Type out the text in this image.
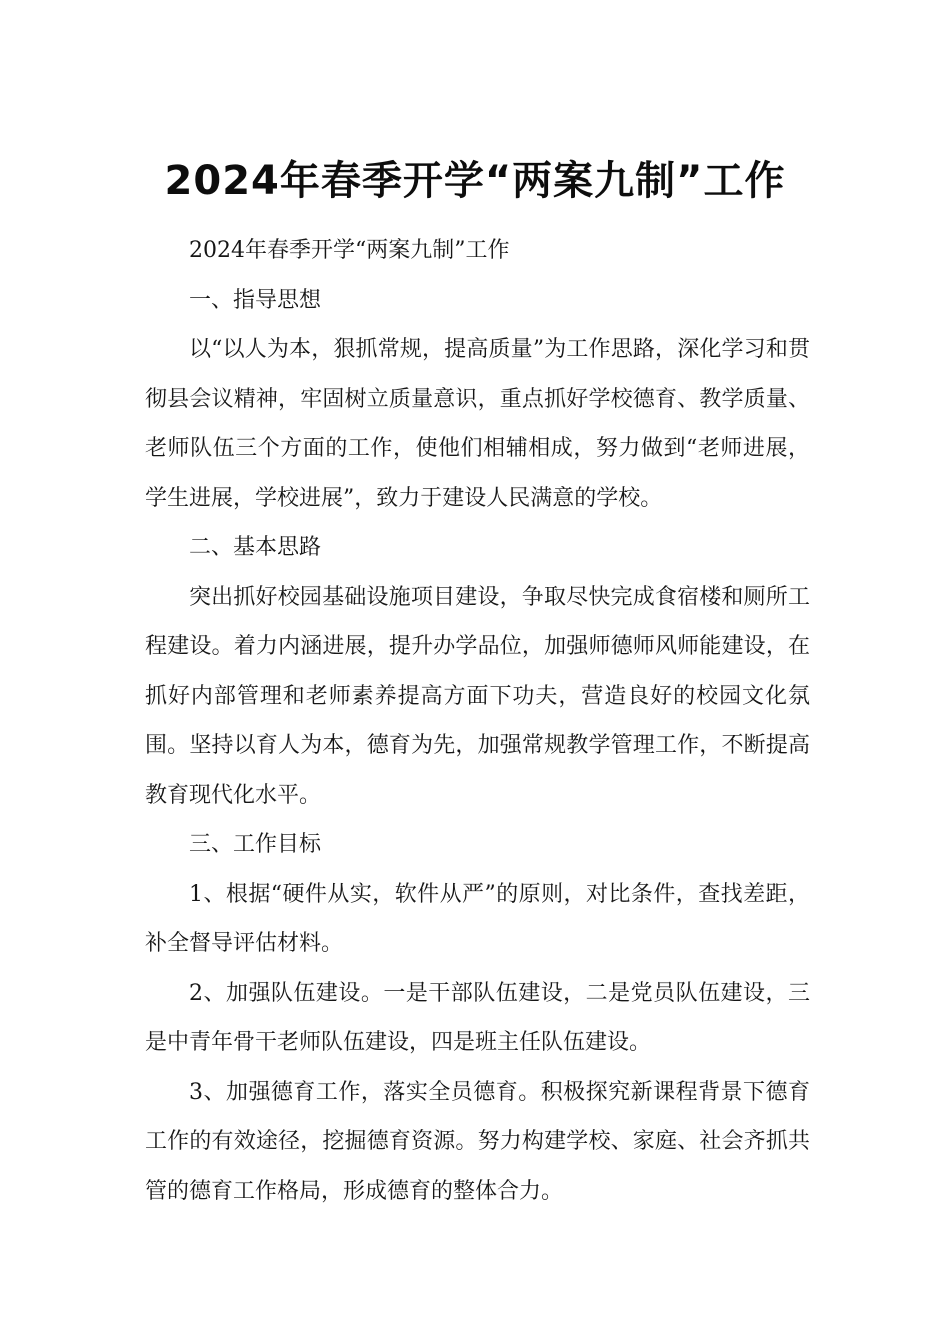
2024年春季开学“两案九制”工作

2024年春季开学“两案九制”工作

一、指导思想

以“以人为本，狠抓常规，提高质量”为工作思路，深化学习和贯彻县会议精神，牢固树立质量意识，重点抓好学校德育、教学质量、老师队伍三个方面的工作，使他们相辅相成，努力做到“老师进展，学生进展，学校进展”，致力于建设人民满意的学校。

二、基本思路

突出抓好校园基础设施项目建设，争取尽快完成食宿楼和厕所工程建设。着力内涵进展，提升办学品位，加强师德师风师能建设，在抓好内部管理和老师素养提高方面下功夫，营造良好的校园文化氛围。坚持以育人为本，德育为先，加强常规教学管理工作，不断提高教育现代化水平。

三、工作目标

1、根据“硬件从实，软件从严”的原则，对比条件，查找差距，补全督导评估材料。

2、加强队伍建设。一是干部队伍建设，二是党员队伍建设，三是中青年骨干老师队伍建设，四是班主任队伍建设。

3、加强德育工作，落实全员德育。积极探究新课程背景下德育工作的有效途径，挖掘德育资源。努力构建学校、家庭、社会齐抓共管的德育工作格局，形成德育的整体合力。
